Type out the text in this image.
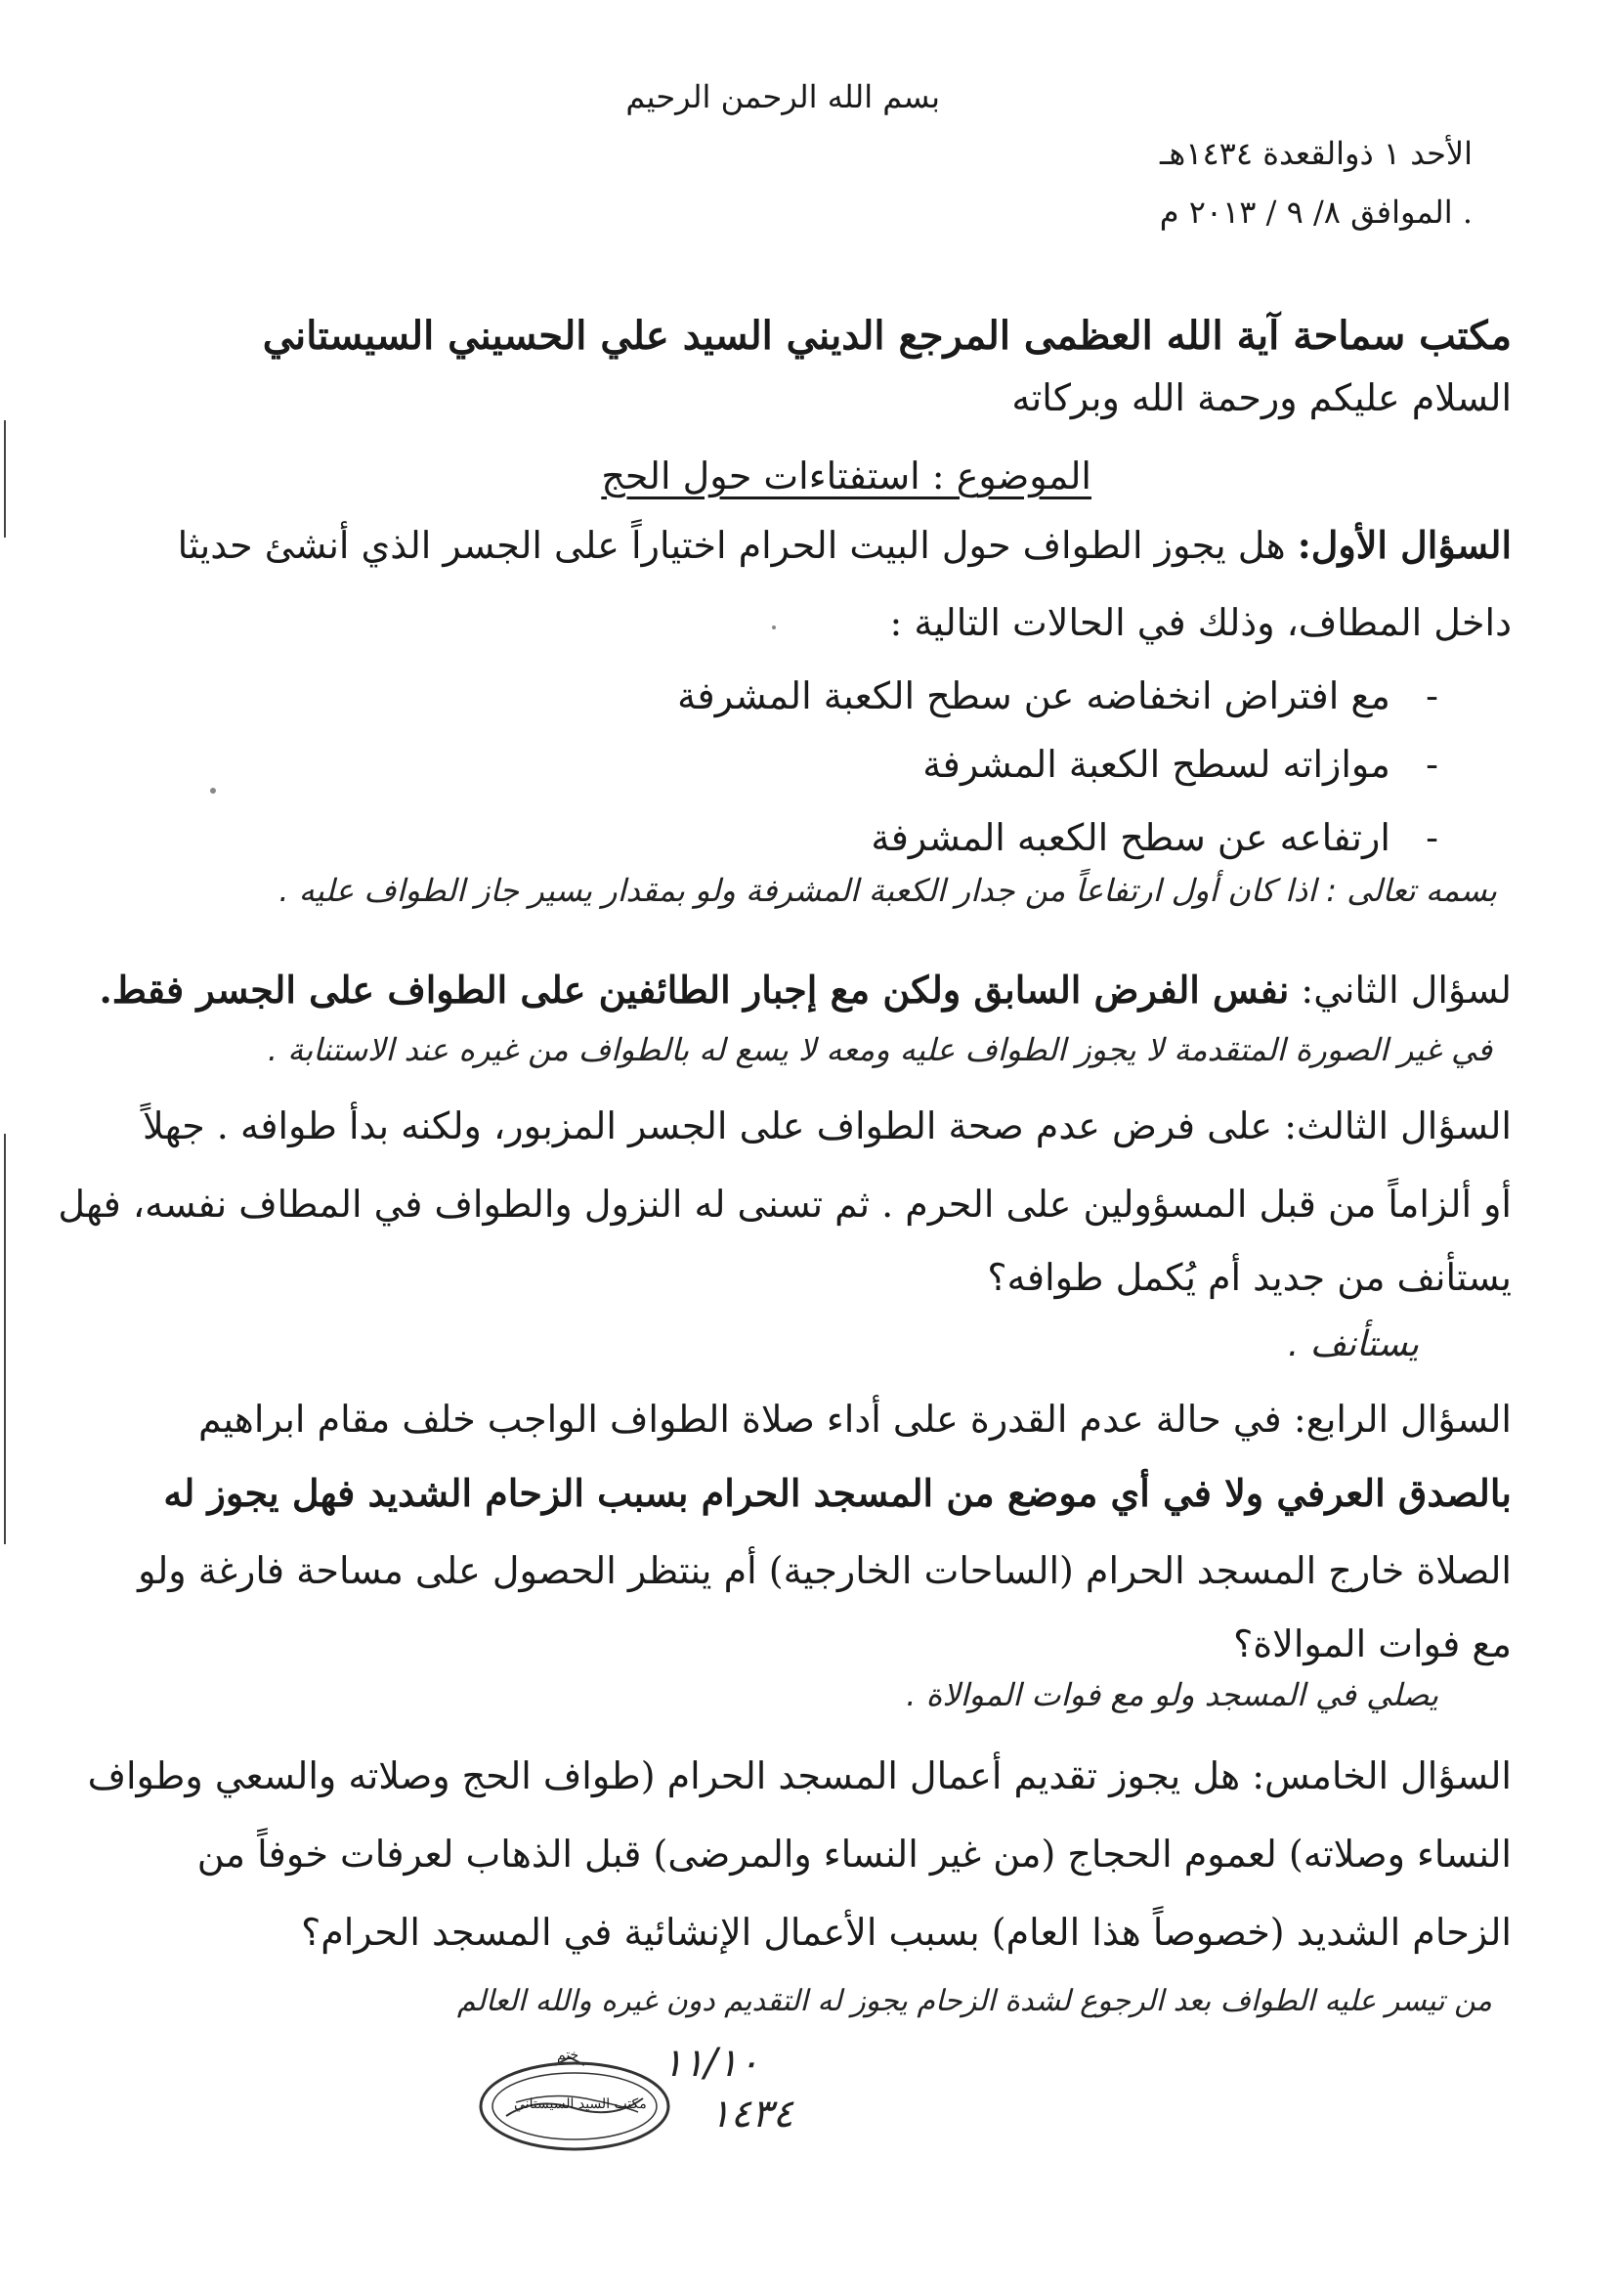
بسم الله الرحمن الرحيم
الأحد ١ ذوالقعدة ١٤٣٤هـ
. الموافق ٨/ ٩ / ٢٠١٣ م
مكتب سماحة آية الله العظمى المرجع الديني السيد علي الحسيني السيستاني
السلام عليكم ورحمة الله وبركاته
الموضوع : استفتاءات حول الحج
السؤال الأول: هل يجوز الطواف حول البيت الحرام اختياراً على الجسر الذي أنشئ حديثا
داخل المطاف، وذلك في الحالات التالية :
-   مع افتراض انخفاضه عن سطح الكعبة المشرفة
-   موازاته لسطح الكعبة المشرفة
-   ارتفاعه عن سطح الكعبه المشرفة
بسمه تعالى : اذا كان أول ارتفاعاً من جدار الكعبة المشرفة ولو بمقدار يسير جاز الطواف عليه .
لسؤال الثاني: نفس الفرض السابق ولكن مع إجبار الطائفين على الطواف على الجسر فقط.
في غير الصورة المتقدمة لا يجوز الطواف عليه ومعه لا يسع له بالطواف من غيره عند الاستنابة .
السؤال الثالث: على فرض عدم صحة الطواف على الجسر المزبور، ولكنه بدأ طوافه . جهلاً
أو ألزاماً من قبل المسؤولين على الحرم . ثم تسنى له النزول والطواف في المطاف نفسه، فهل
يستأنف من جديد أم يُكمل طوافه؟
يستأنف .
السؤال الرابع: في حالة عدم القدرة على أداء صلاة الطواف الواجب خلف مقام ابراهيم
بالصدق العرفي ولا في أي موضع من المسجد الحرام بسبب الزحام الشديد فهل يجوز له
الصلاة خارج المسجد الحرام (الساحات الخارجية) أم ينتظر الحصول على مساحة فارغة ولو
مع فوات الموالاة؟
يصلي في المسجد ولو مع فوات الموالاة .
السؤال الخامس: هل يجوز تقديم أعمال المسجد الحرام (طواف الحج وصلاته والسعي وطواف
النساء وصلاته) لعموم الحجاج (من غير النساء والمرضى) قبل الذهاب لعرفات خوفاً من
الزحام الشديد (خصوصاً هذا العام) بسبب الأعمال الإنشائية في المسجد الحرام؟
من تيسر عليه الطواف بعد الرجوع لشدة الزحام يجوز له التقديم دون غيره والله العالم
١١/١٠
١٤٣٤
ختم
مكتب السيد السيستاني
